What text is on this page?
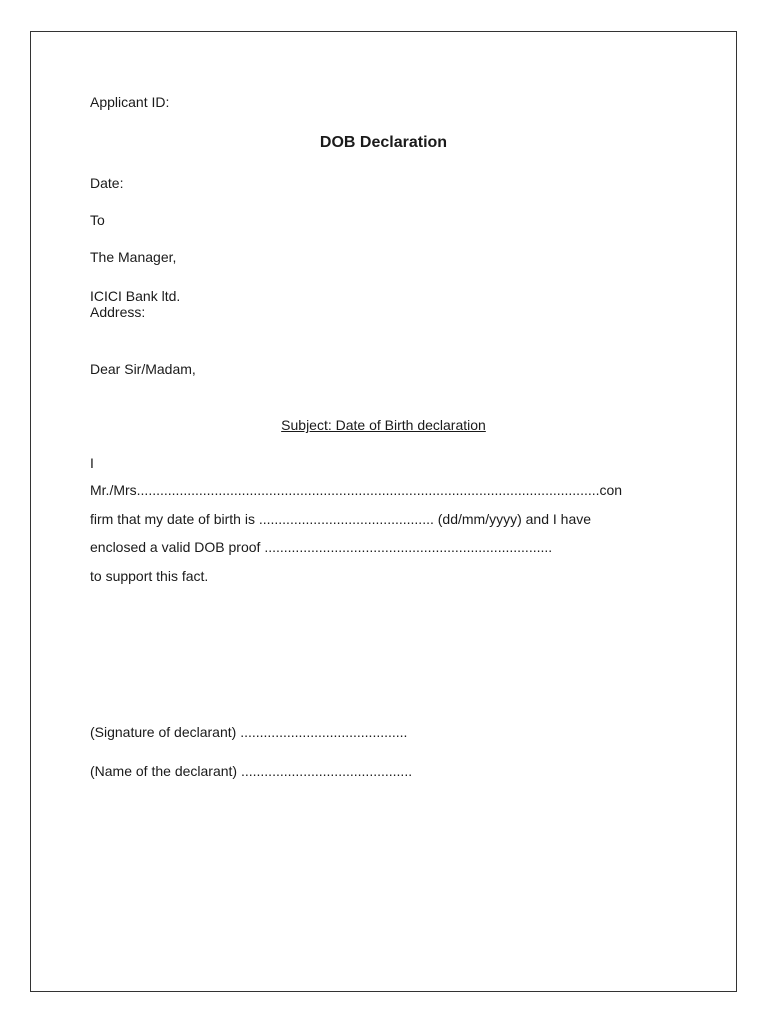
Applicant ID:
DOB Declaration
Date:
To
The Manager,
ICICI Bank ltd.
Address:
Dear Sir/Madam,
Subject: Date of Birth declaration
I
Mr./Mrs.......................................................................................................................con
firm that my date of birth is ............................................. (dd/mm/yyyy) and I have
enclosed a valid DOB proof ..........................................................................
to support this fact.
(Signature of declarant) ...........................................
(Name of the declarant) ............................................
